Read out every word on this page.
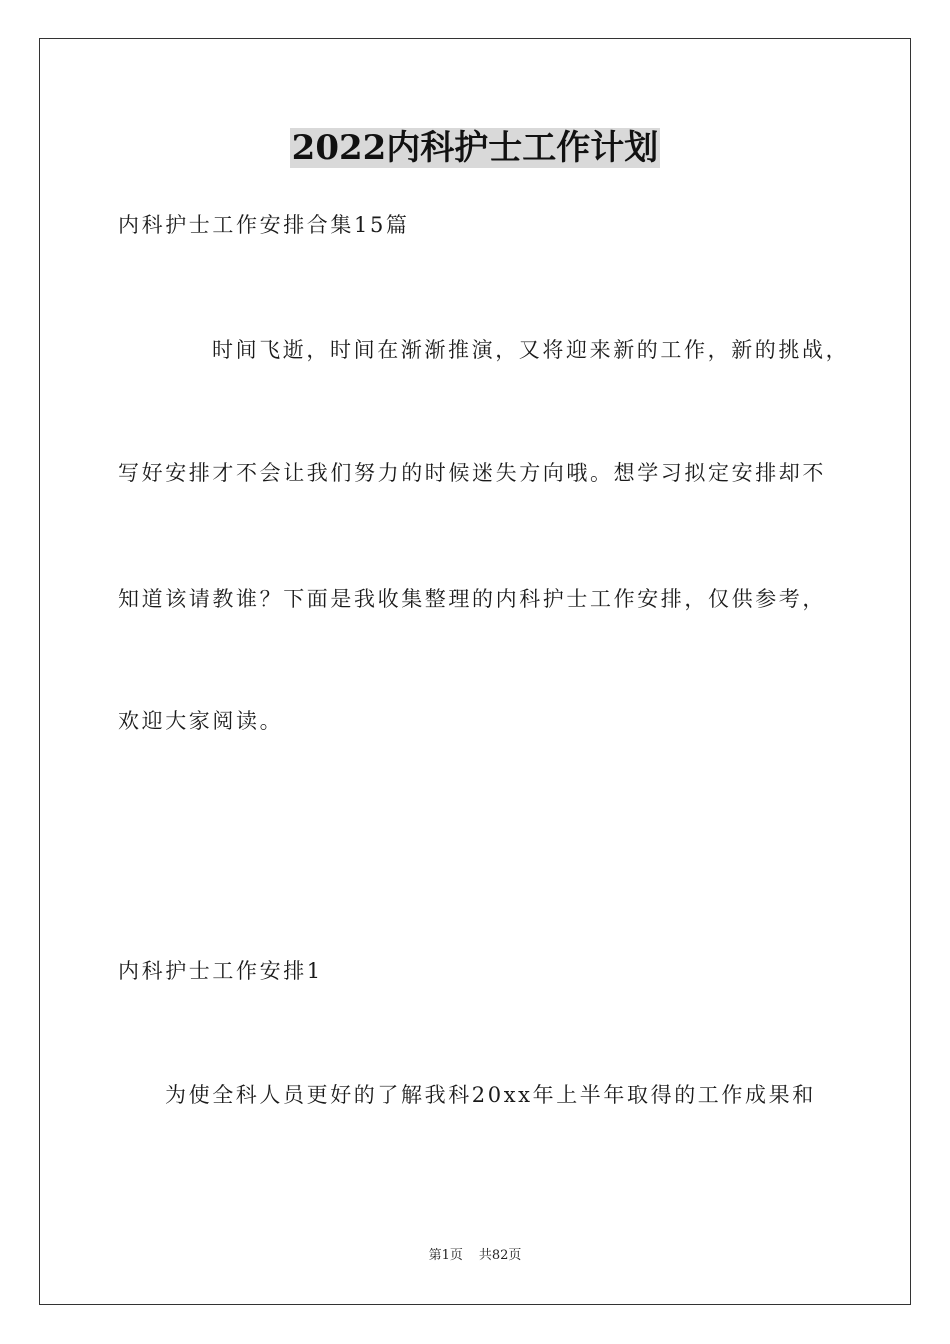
2022内科护士工作计划
内科护士工作安排合集15篇
时间飞逝，时间在渐渐推演，又将迎来新的工作，新的挑战，
写好安排才不会让我们努力的时候迷失方向哦。想学习拟定安排却不
知道该请教谁？下面是我收集整理的内科护士工作安排，仅供参考，
欢迎大家阅读。
内科护士工作安排1
为使全科人员更好的了解我科20xx年上半年取得的工作成果和
第1页 共82页
